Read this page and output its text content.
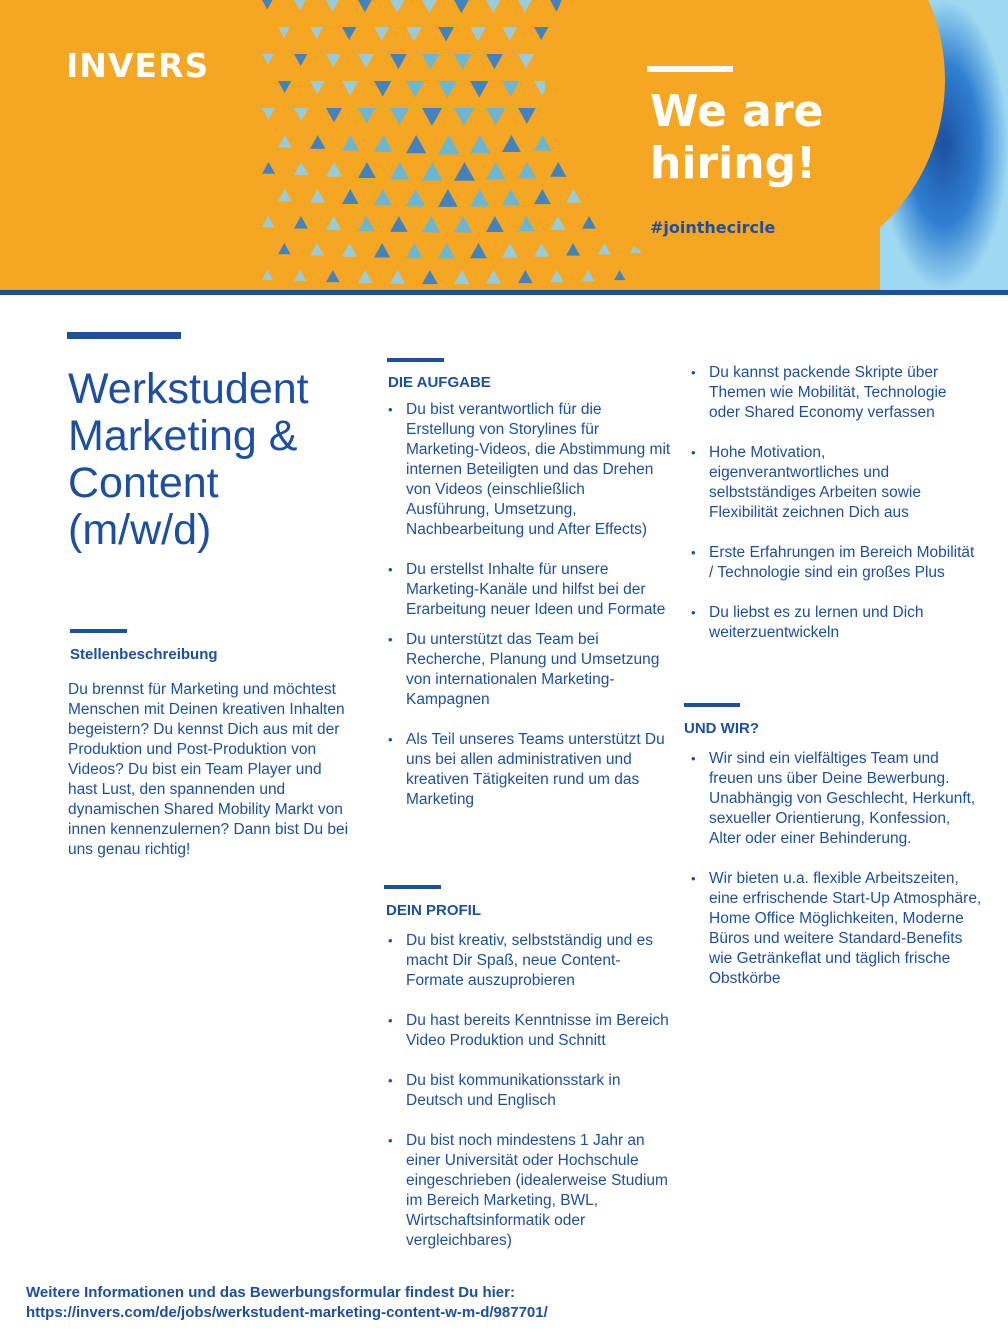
INVERS
We are
hiring!
#jointhecircle
Werkstudent
Marketing &
Content
(m/w/d)
Stellenbeschreibung
Du brennst für Marketing und möchtest Menschen mit Deinen kreativen Inhalten begeistern? Du kennst Dich aus mit der Produktion und Post-Produktion von Videos? Du bist ein Team Player und hast Lust, den spannenden und dynamischen Shared Mobility Markt von innen kennenzulernen? Dann bist Du bei uns genau richtig!
DIE AUFGABE
• Du bist verantwortlich für die Erstellung von Storylines für Marketing-Videos, die Abstimmung mit internen Beteiligten und das Drehen von Videos (einschließlich Ausführung, Umsetzung, Nachbearbeitung und After Effects)
• Du erstellst Inhalte für unsere Marketing-Kanäle und hilfst bei der Erarbeitung neuer Ideen und Formate
• Du unterstützt das Team bei Recherche, Planung und Umsetzung von internationalen Marketing-Kampagnen
• Als Teil unseres Teams unterstützt Du uns bei allen administrativen und kreativen Tätigkeiten rund um das Marketing
DEIN PROFIL
• Du bist kreativ, selbstständig und es macht Dir Spaß, neue Content-Formate auszuprobieren
• Du hast bereits Kenntnisse im Bereich Video Produktion und Schnitt
• Du bist kommunikationsstark in Deutsch und Englisch
• Du bist noch mindestens 1 Jahr an einer Universität oder Hochschule eingeschrieben (idealerweise Studium im Bereich Marketing, BWL, Wirtschaftsinformatik oder vergleichbares)
• Du kannst packende Skripte über Themen wie Mobilität, Technologie oder Shared Economy verfassen
• Hohe Motivation, eigenverantwortliches und selbstständiges Arbeiten sowie Flexibilität zeichnen Dich aus
• Erste Erfahrungen im Bereich Mobilität / Technologie sind ein großes Plus
• Du liebst es zu lernen und Dich weiterzuentwickeln
UND WIR?
• Wir sind ein vielfältiges Team und freuen uns über Deine Bewerbung. Unabhängig von Geschlecht, Herkunft, sexueller Orientierung, Konfession, Alter oder einer Behinderung.
• Wir bieten u.a. flexible Arbeitszeiten, eine erfrischende Start-Up Atmosphäre, Home Office Möglichkeiten, Moderne Büros und weitere Standard-Benefits wie Getränkeflat und täglich frische Obstkörbe
Weitere Informationen und das Bewerbungsformular findest Du hier:
https://invers.com/de/jobs/werkstudent-marketing-content-w-m-d/987701/
